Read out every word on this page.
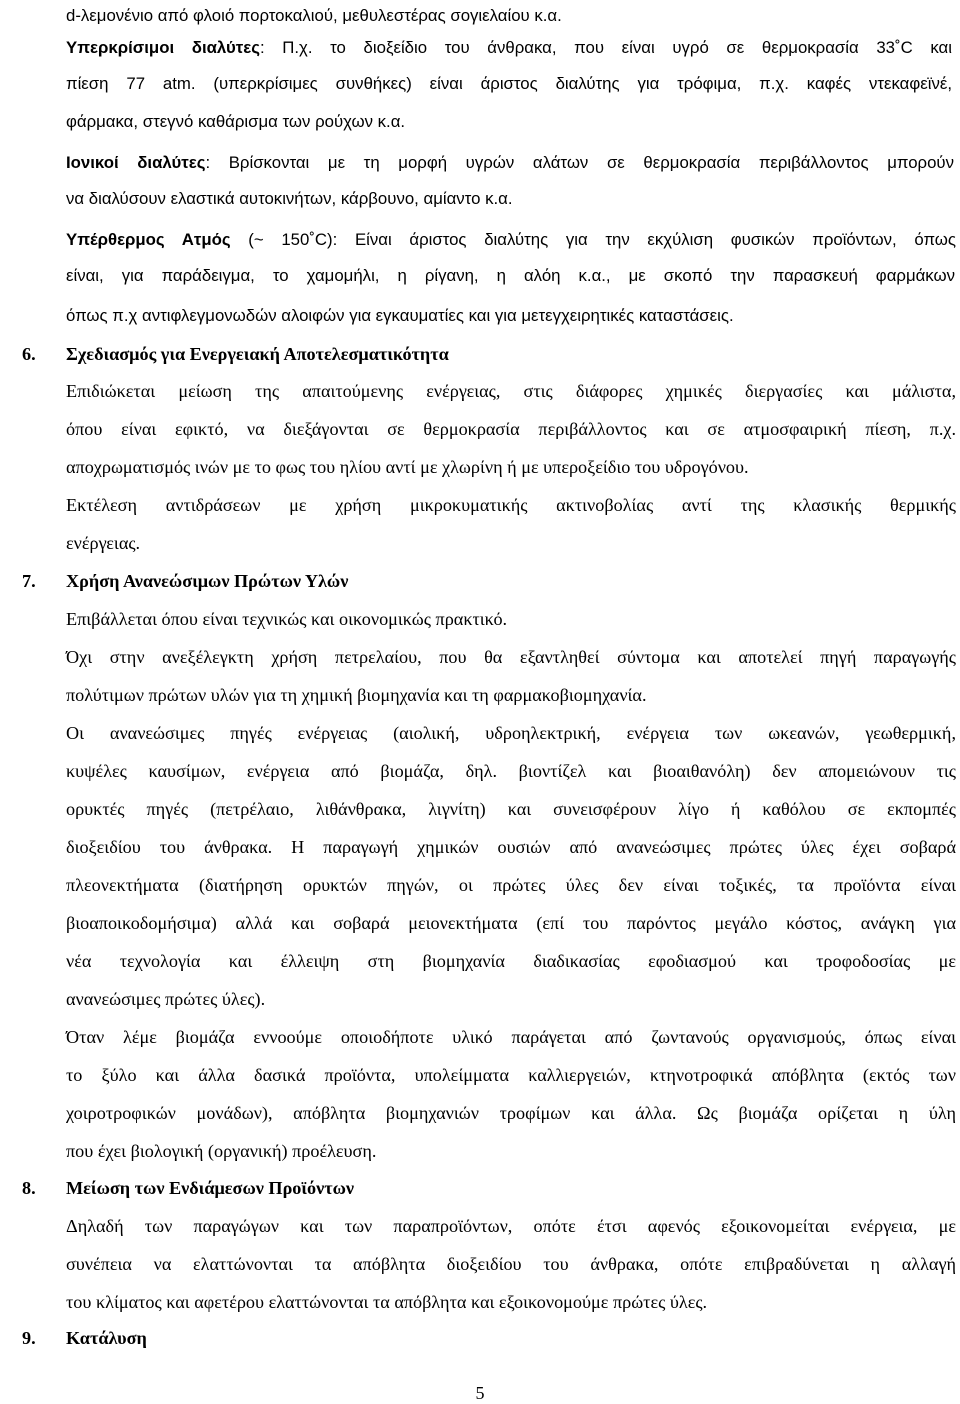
d-λεμονένιο από φλοιό πορτοκαλιού, μεθυλεστέρας σογιελαίου κ.α.
Υπερκρίσιμοι διαλύτες: Π.χ. το διοξείδιο του άνθρακα, που είναι υγρό σε θερμοκρασία 33˚C και
πίεση 77 atm. (υπερκρίσιμες συνθήκες) είναι άριστος διαλύτης για τρόφιμα, π.χ. καφές ντεκαφεϊνέ,
φάρμακα, στεγνό καθάρισμα των ρούχων κ.α.
Ιονικοί διαλύτες: Βρίσκονται με τη μορφή υγρών αλάτων σε θερμοκρασία περιβάλλοντος μπορούν
να διαλύσουν ελαστικά αυτοκινήτων, κάρβουνο, αμίαντο κ.α.
Υπέρθερμος Ατμός (~ 150˚C): Είναι άριστος διαλύτης για την εκχύλιση φυσικών προϊόντων, όπως
είναι, για παράδειγμα, το χαμομήλι, η ρίγανη, η αλόη κ.α., με σκοπό την παρασκευή φαρμάκων
όπως π.χ αντιφλεγμονωδών αλοιφών για εγκαυματίες και για μετεγχειρητικές καταστάσεις.
6. Σχεδιασμός για Ενεργειακή Αποτελεσματικότητα
Επιδιώκεται μείωση της απαιτούμενης ενέργειας, στις διάφορες χημικές διεργασίες και μάλιστα,
όπου είναι εφικτό, να διεξάγονται σε θερμοκρασία περιβάλλοντος και σε ατμοσφαιρική πίεση, π.χ.
αποχρωματισμός ινών με το φως του ηλίου αντί με χλωρίνη ή με υπεροξείδιο του υδρογόνου.
Εκτέλεση αντιδράσεων με χρήση μικροκυματικής ακτινοβολίας αντί της κλασικής θερμικής
ενέργειας.
7. Χρήση Ανανεώσιμων Πρώτων Υλών
Επιβάλλεται όπου είναι τεχνικώς και οικονομικώς πρακτικό.
Όχι στην ανεξέλεγκτη χρήση πετρελαίου, που θα εξαντληθεί σύντομα και αποτελεί πηγή παραγωγής
πολύτιμων πρώτων υλών για τη χημική βιομηχανία και τη φαρμακοβιομηχανία.
Οι ανανεώσιμες πηγές ενέργειας (αιολική, υδροηλεκτρική, ενέργεια των ωκεανών, γεωθερμική,
κυψέλες καυσίμων, ενέργεια από βιομάζα, δηλ. βιοντίζελ και βιοαιθανόλη) δεν απομειώνουν τις
ορυκτές πηγές (πετρέλαιο, λιθάνθρακα, λιγνίτη) και συνεισφέρουν λίγο ή καθόλου σε εκπομπές
διοξειδίου του άνθρακα. Η παραγωγή χημικών ουσιών από ανανεώσιμες πρώτες ύλες έχει σοβαρά
πλεονεκτήματα (διατήρηση ορυκτών πηγών, οι πρώτες ύλες δεν είναι τοξικές, τα προϊόντα είναι
βιοαποικοδομήσιμα) αλλά και σοβαρά μειονεκτήματα (επί του παρόντος μεγάλο κόστος, ανάγκη για
νέα τεχνολογία και έλλειψη στη βιομηχανία διαδικασίας εφοδιασμού και τροφοδοσίας με
ανανεώσιμες πρώτες ύλες).
Όταν λέμε βιομάζα εννοούμε οποιοδήποτε υλικό παράγεται από ζωντανούς οργανισμούς, όπως είναι
το ξύλο και άλλα δασικά προϊόντα, υπολείμματα καλλιεργειών, κτηνοτροφικά απόβλητα (εκτός των
χοιροτροφικών μονάδων), απόβλητα βιομηχανιών τροφίμων και άλλα. Ως βιομάζα ορίζεται η ύλη
που έχει βιολογική (οργανική) προέλευση.
8. Μείωση των Ενδιάμεσων Προϊόντων
Δηλαδή των παραγώγων και των παραπροϊόντων, οπότε έτσι αφενός εξοικονομείται ενέργεια, με
συνέπεια να ελαττώνονται τα απόβλητα διοξειδίου του άνθρακα, οπότε επιβραδύνεται η αλλαγή
του κλίματος και αφετέρου ελαττώνονται τα απόβλητα και εξοικονομούμε πρώτες ύλες.
9. Κατάλυση
5
